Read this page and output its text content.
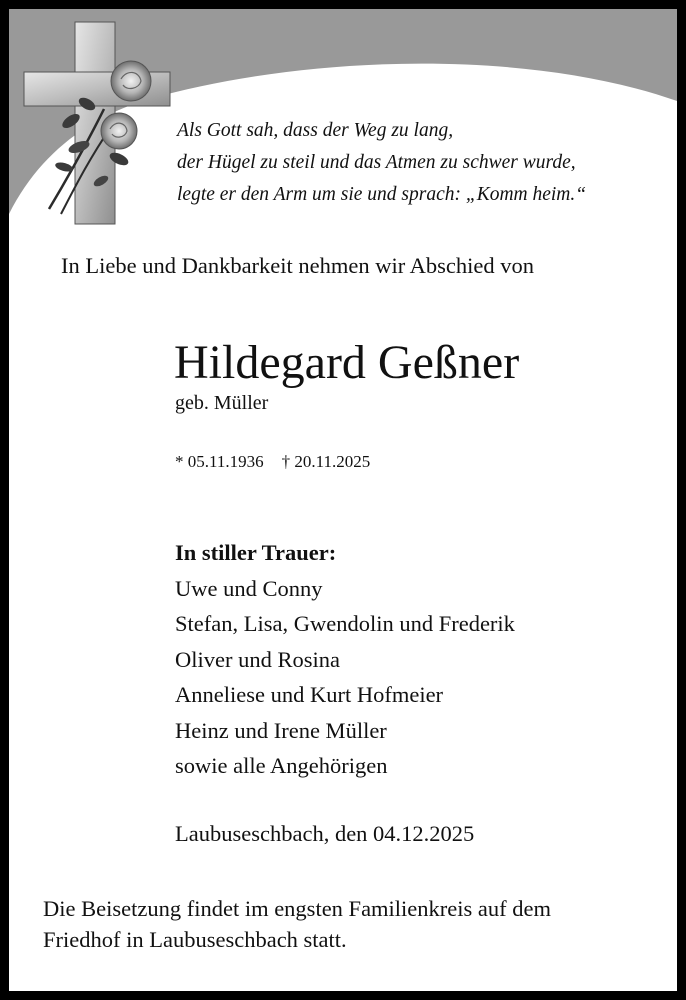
Als Gott sah, dass der Weg zu lang,
der Hügel zu steil und das Atmen zu schwer wurde,
legte er den Arm um sie und sprach: „Komm heim.“
In Liebe und Dankbarkeit nehmen wir Abschied von
Hildegard Geßner
geb. Müller
* 05.11.1936 † 20.11.2025
In stiller Trauer:
Uwe und Conny
Stefan, Lisa, Gwendolin und Frederik
Oliver und Rosina
Anneliese und Kurt Hofmeier
Heinz und Irene Müller
sowie alle Angehörigen
Laubuseschbach, den 04.12.2025
Die Beisetzung findet im engsten Familienkreis auf dem
Friedhof in Laubuseschbach statt.
